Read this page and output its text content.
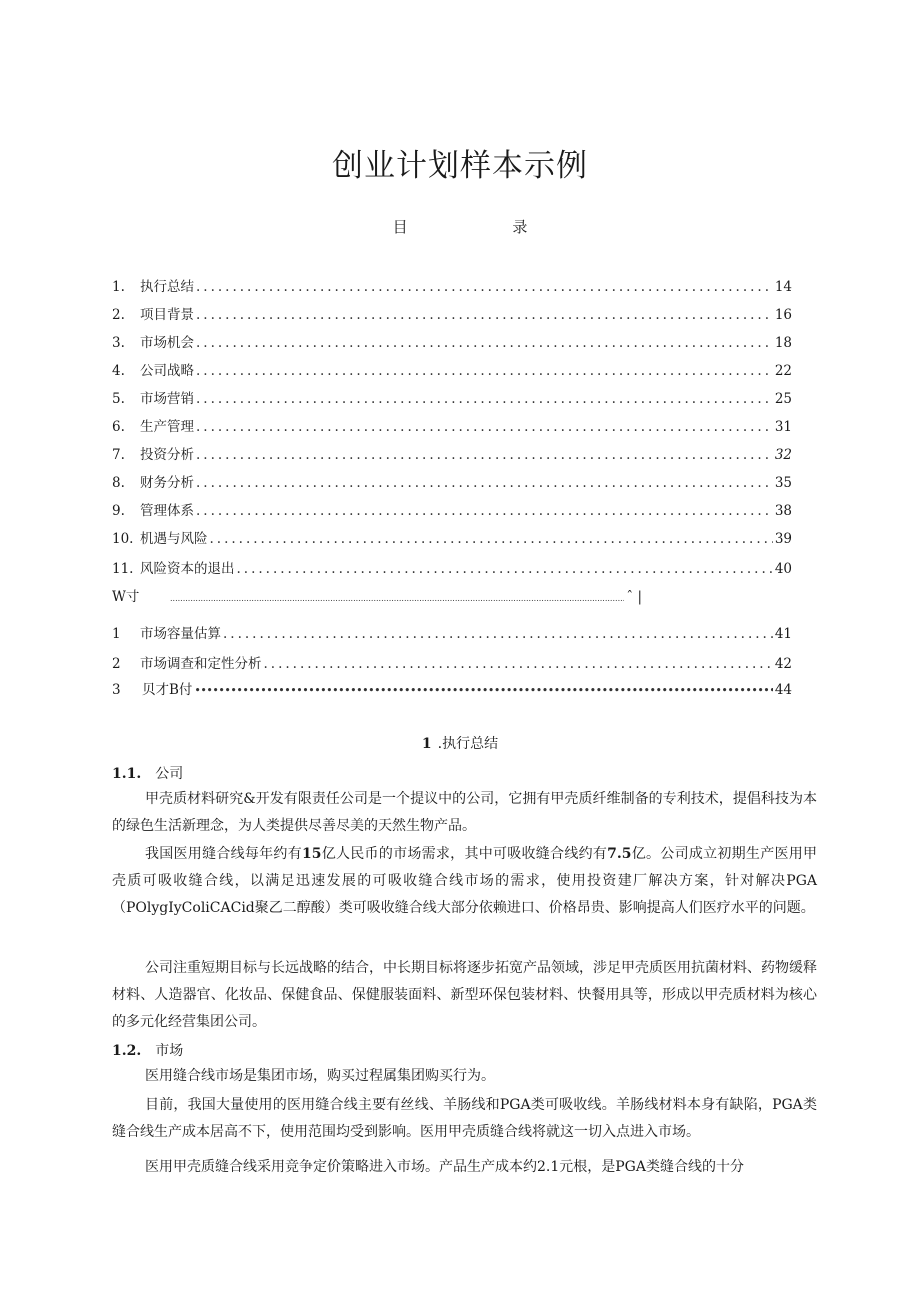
创业计划样本示例
目 录
1.	执行总结 .....	14
2.	项目背景 .....	16
3.	市场机会 .....	18
4.	公司战略 .....	22
5.	市场营销 .....	25
6.	生产管理 .....	31
7.	投资分析 .....	32
8.	财务分析 .....	35
9.	管理体系 .....	38
10. 机遇与风险 .....	39
11. 风险资本的退出 .....	40
W寸 .....	ˆ |
1	市场容量估算 .....	41
2	市场调查和定性分析 .....	42
3	贝才B付 •••••	44
1 .执行总结
1.1. 公司
甲壳质材料研究&开发有限责任公司是一个提议中的公司，它拥有甲壳质纤维制备的专利技术，提倡科技为本的绿色生活新理念，为人类提供尽善尽美的天然生物产品。
我国医用缝合线每年约有15亿人民币的市场需求，其中可吸收缝合线约有7.5亿。公司成立初期生产医用甲壳质可吸收缝合线，以满足迅速发展的可吸收缝合线市场的需求，使用投资建厂解决方案，针对解决PGA（POlygIyColiCACid聚乙二醇酸）类可吸收缝合线大部分依赖进口、价格昂贵、影响提高人们医疗水平的问题。
公司注重短期目标与长远战略的结合，中长期目标将逐步拓宽产品领域，涉足甲壳质医用抗菌材料、药物缓释材料、人造器官、化妆品、保健食品、保健服装面料、新型环保包装材料、快餐用具等，形成以甲壳质材料为核心的多元化经营集团公司。
1.2. 市场
医用缝合线市场是集团市场，购买过程属集团购买行为。
目前，我国大量使用的医用缝合线主要有丝线、羊肠线和PGA类可吸收线。羊肠线材料本身有缺陷，PGA类缝合线生产成本居高不下，使用范围均受到影响。医用甲壳质缝合线将就这一切入点进入市场。
医用甲壳质缝合线采用竞争定价策略进入市场。产品生产成本约2.1元根，是PGA类缝合线的十分
